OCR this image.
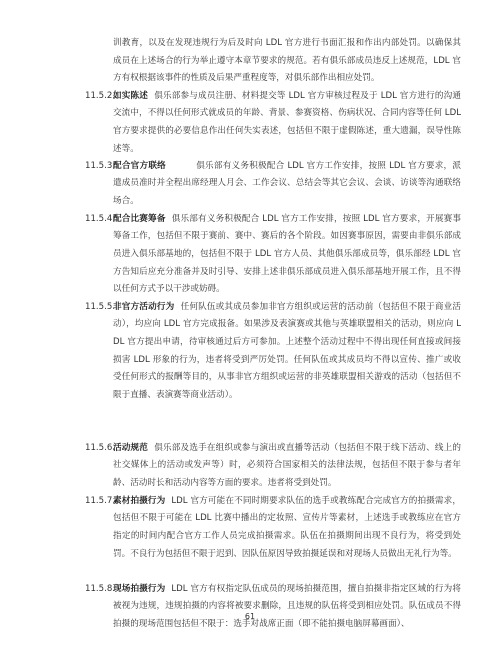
训教育，以及在发现违规行为后及时向 LDL 官方进行书面汇报和作出内部处罚。以确保其成员在上述场合的行为举止遵守本章节要求的规范。若有俱乐部成员违反上述规范，LDL 官方有权根据该事件的性质及后果严重程度等，对俱乐部作出相应处罚。

11.5.2.
如实陈述 俱乐部参与成员注册、材料提交等 LDL 官方审核过程及于 LDL 官方进行的沟通交流中，不得以任何形式就成员的年龄、背景、参赛资格、伤病状况、合同内容等任何 LDL 官方要求提供的必要信息作出任何失实表述，包括但不限于虚假陈述，重大遗漏，误导性陈述等。

11.5.3.
配合官方联络	俱乐部有义务积极配合 LDL 官方工作安排，按照 LDL 官方要求，派遣成员准时并全程出席经理人月会、工作会议、总结会等其它会议、会谈、访谈等沟通联络场合。

11.5.4.
配合比赛筹备 俱乐部有义务积极配合 LDL 官方工作安排，按照 LDL 官方要求，开展赛事筹备工作，包括但不限于赛前、赛中、赛后的各个阶段。如因赛事原因，需要由非俱乐部成员进入俱乐部基地的，包括但不限于 LDL 官方人员、其他俱乐部成员等，俱乐部经 LDL 官方告知后应充分准备并及时引导、安排上述非俱乐部成员进入俱乐部基地开展工作，且不得以任何方式予以干涉或妨碍。

11.5.5.
非官方活动行为 任何队伍或其成员参加非官方组织或运营的活动前（包括但不限于商业活动），均应向 LDL 官方完成报备。如果涉及表演赛或其他与英雄联盟相关的活动，则应向 LDL 官方提出申请，待审核通过后方可参加。上述整个活动过程中不得出现任何直接或间接损害 LDL 形象的行为，违者将受到严厉处罚。任何队伍或其成员均不得以宣传、推广或收受任何形式的报酬等目的，从事非官方组织或运营的非英雄联盟相关游戏的活动（包括但不限于直播、表演赛等商业活动）。

11.5.6.
活动规范 俱乐部及选手在组织或参与演出或直播等活动（包括但不限于线下活动、线上的社交媒体上的活动或发声等）时，必须符合国家相关的法律法规，包括但不限于参与者年龄、活动时长和活动内容等方面的要求。违者将受到处罚。

11.5.7.
素材拍摄行为 LDL 官方可能在不同时期要求队伍的选手或教练配合完成官方的拍摄需求，包括但不限于可能在 LDL 比赛中播出的定妆照、宣传片等素材，上述选手或教练应在官方指定的时间内配合官方工作人员完成拍摄需求。队伍在拍摄期间出现不良行为，将受到处罚。不良行为包括但不限于迟到、因队伍原因导致拍摄延误和对现场人员做出无礼行为等。

11.5.8.
现场拍摄行为 LDL 官方有权指定队伍成员的现场拍摄范围，擅自拍摄非指定区域的行为将被视为违规，违规拍摄的内容将被要求删除，且违规的队伍将受到相应处罚。队伍成员不得拍摄的现场范围包括但不限于：选手对战席正面（即不能拍摄电脑屏幕画面）、

61
